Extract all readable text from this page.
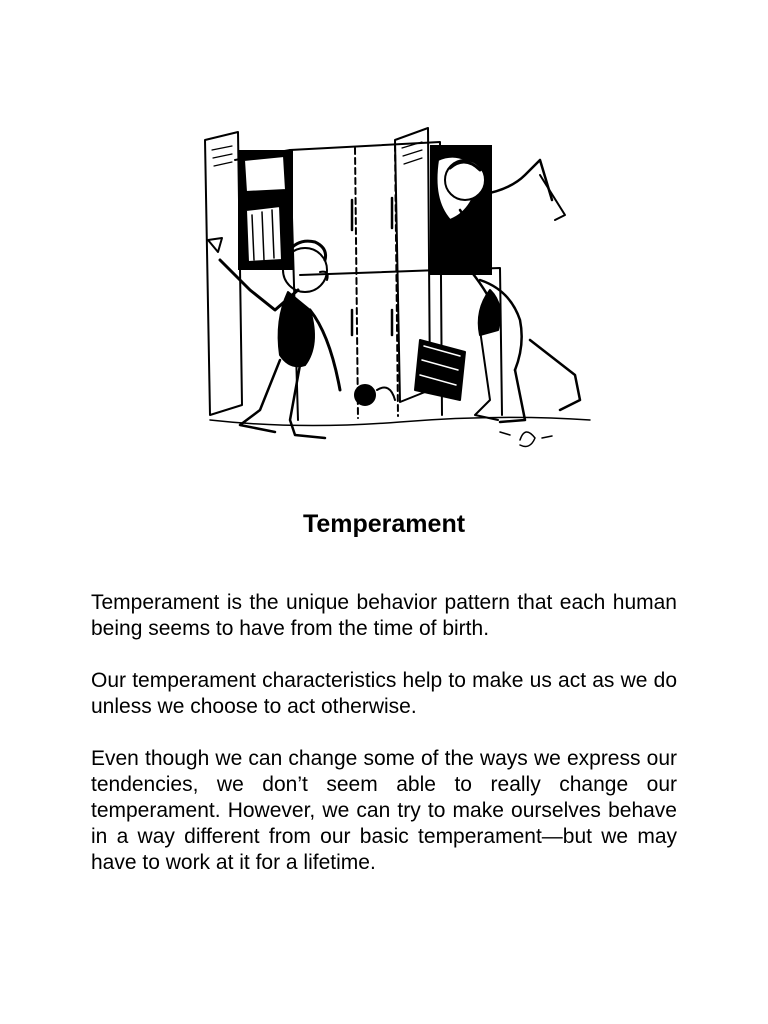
Temperament

Temperament is the unique behavior pattern that each human being seems to have from the time of birth.

Our temperament characteristics help to make us act as we do unless we choose to act otherwise.

Even though we can change some of the ways we express our tendencies, we don’t seem able to really change our temperament. However, we can try to make ourselves behave in a way different from our basic temperament—but we may have to work at it for a lifetime.
